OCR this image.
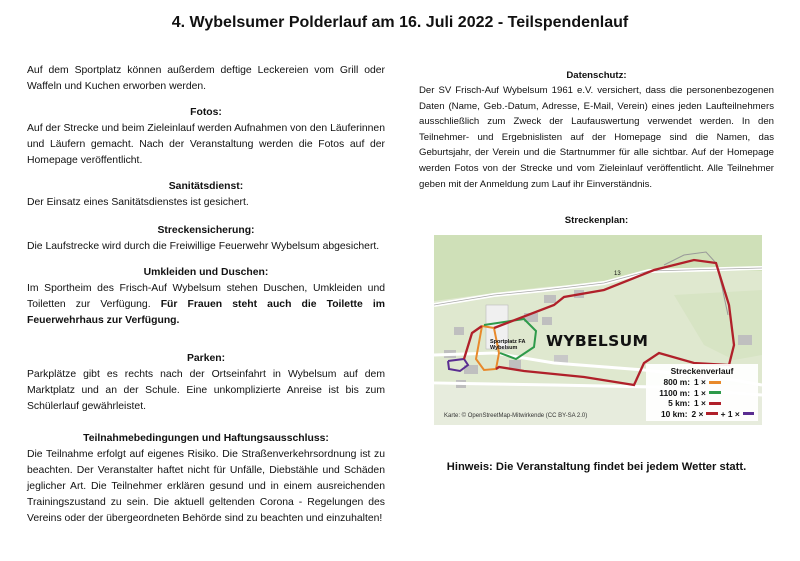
4. Wybelsumer Polderlauf am 16. Juli 2022 - Teilspendenlauf

Auf dem Sportplatz können außerdem deftige Leckereien vom Grill oder Waffeln und Kuchen erworben werden.

Fotos:

Auf der Strecke und beim Zieleinlauf werden Aufnahmen von den Läuferinnen und Läufern gemacht. Nach der Veranstaltung werden die Fotos auf der Homepage veröffentlicht.

Sanitätsdienst:

Der Einsatz eines Sanitätsdienstes ist gesichert.

Streckensicherung:

Die Laufstrecke wird durch die Freiwillige Feuerwehr Wybelsum abgesichert.

Umkleiden und Duschen:

Im Sportheim des Frisch-Auf Wybelsum stehen Duschen, Umkleiden und Toiletten zur Verfügung. Für Frauen steht auch die Toilette im Feuerwehrhaus zur Verfügung.

Parken:

Parkplätze gibt es rechts nach der Ortseinfahrt in Wybelsum auf dem Marktplatz und an der Schule. Eine unkomplizierte Anreise ist bis zum Schülerlauf gewährleistet.

Teilnahmebedingungen und Haftungsausschluss:

Die Teilnahme erfolgt auf eigenes Risiko. Die Straßenverkehrsordnung ist zu beachten. Der Veranstalter haftet nicht für Unfälle, Diebstähle und Schäden jeglicher Art. Die Teilnehmer erklären gesund und in einem ausreichenden Trainingszustand zu sein. Die aktuell geltenden Corona - Regelungen des Vereins oder der übergeordneten Behörde sind zu beachten und einzuhalten!

Datenschutz:

Der SV Frisch-Auf Wybelsum 1961 e.V. versichert, dass die personenbezogenen Daten (Name, Geb.-Datum, Adresse, E-Mail, Verein) eines jeden Laufteilnehmers ausschließlich zum Zweck der Laufauswertung verwendet werden. In den Teilnehmer- und Ergebnislisten auf der Homepage sind die Namen, das Geburtsjahr, der Verein und die Startnummer für alle sichtbar. Auf der Homepage werden Fotos von der Strecke und vom Zieleinlauf veröffentlicht. Alle Teilnehmer geben mit der Anmeldung zum Lauf ihr Einverständnis.

Streckenplan:
WYBELSUM
Sportplatz FA Wybelsum
13
Karte: © OpenStreetMap-Mitwirkende (CC BY-SA 2.0)
Streckenverlauf
800 m: 1 ×
1100 m: 1 ×
5 km: 1 ×
10 km: 2 × + 1 ×
Hinweis: Die Veranstaltung findet bei jedem Wetter statt.
